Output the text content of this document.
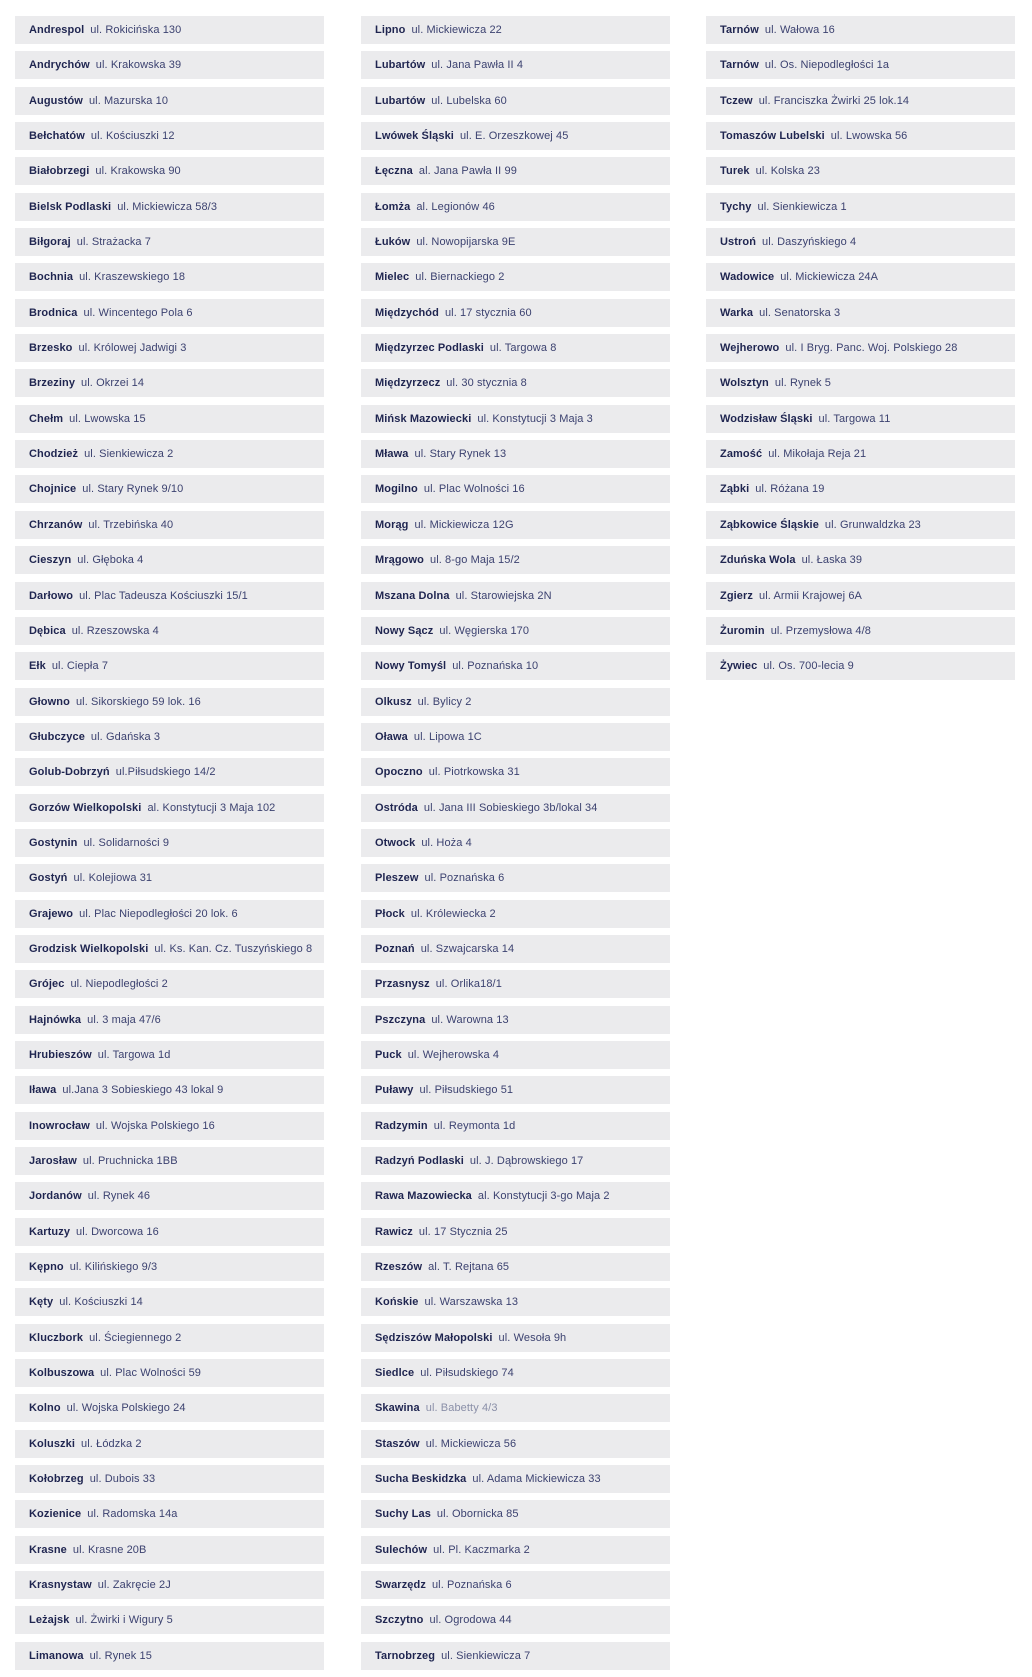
Andrespol ul. Rokicińska 130
Andrychów ul. Krakowska 39
Augustów ul. Mazurska 10
Bełchatów ul. Kościuszki 12
Białobrzegi ul. Krakowska 90
Bielsk Podlaski ul. Mickiewicza 58/3
Biłgoraj ul. Strażacka 7
Bochnia ul. Kraszewskiego 18
Brodnica ul. Wincentego Pola 6
Brzesko ul. Królowej Jadwigi 3
Brzeziny ul. Okrzei 14
Chełm ul. Lwowska 15
Chodzież ul. Sienkiewicza 2
Chojnice ul. Stary Rynek 9/10
Chrzanów ul. Trzebińska 40
Cieszyn ul. Głęboka 4
Darłowo ul. Plac Tadeusza Kościuszki 15/1
Dębica ul. Rzeszowska 4
Ełk ul. Ciepła 7
Głowno ul. Sikorskiego 59 lok. 16
Głubczyce ul. Gdańska 3
Golub-Dobrzyń ul.Piłsudskiego 14/2
Gorzów Wielkopolski al. Konstytucji 3 Maja 102
Gostynin ul. Solidarności 9
Gostyń ul. Kolejiowa 31
Grajewo ul. Plac Niepodległości 20 lok. 6
Grodzisk Wielkopolski ul. Ks. Kan. Cz. Tuszyńskiego 8
Grójec ul. Niepodległości 2
Hajnówka ul. 3 maja 47/6
Hrubieszów ul. Targowa 1d
Iława ul.Jana 3 Sobieskiego 43 lokal 9
Inowrocław ul. Wojska Polskiego 16
Jarosław ul. Pruchnicka 1BB
Jordanów ul. Rynek 46
Kartuzy ul. Dworcowa 16
Kępno ul. Kilińskiego 9/3
Kęty ul. Kościuszki 14
Kluczbork ul. Ściegiennego 2
Kolbuszowa ul. Plac Wolności 59
Kolno ul. Wojska Polskiego 24
Koluszki ul. Łódzka 2
Kołobrzeg ul. Dubois 33
Kozienice ul. Radomska 14a
Krasne ul. Krasne 20B
Krasnystaw ul. Zakręcie 2J
Leżajsk ul. Żwirki i Wigury 5
Limanowa ul. Rynek 15
Lipno ul. Mickiewicza 22
Lubartów ul. Jana Pawła II 4
Lubartów ul. Lubelska 60
Lwówek Śląski ul. E. Orzeszkowej 45
Łęczna al. Jana Pawła II 99
Łomża al. Legionów 46
Łuków ul. Nowopijarska 9E
Mielec ul. Biernackiego 2
Międzychód ul. 17 stycznia 60
Międzyrzec Podlaski ul. Targowa 8
Międzyrzecz ul. 30 stycznia 8
Mińsk Mazowiecki ul. Konstytucji 3 Maja 3
Mława ul. Stary Rynek 13
Mogilno ul. Plac Wolności 16
Morąg ul. Mickiewicza 12G
Mrągowo ul. 8-go Maja 15/2
Mszana Dolna ul. Starowiejska 2N
Nowy Sącz ul. Węgierska 170
Nowy Tomyśl ul. Poznańska 10
Olkusz ul. Bylicy 2
Oława ul. Lipowa 1C
Opoczno ul. Piotrkowska 31
Ostróda ul. Jana III Sobieskiego 3b/lokal 34
Otwock ul. Hoża 4
Pleszew ul. Poznańska 6
Płock ul. Królewiecka 2
Poznań ul. Szwajcarska 14
Przasnysz ul. Orlika18/1
Pszczyna ul. Warowna 13
Puck ul. Wejherowska 4
Puławy ul. Piłsudskiego 51
Radzymin ul. Reymonta 1d
Radzyń Podlaski ul. J. Dąbrowskiego 17
Rawa Mazowiecka al. Konstytucji 3-go Maja 2
Rawicz ul. 17 Stycznia 25
Rzeszów al. T. Rejtana 65
Końskie ul. Warszawska 13
Sędziszów Małopolski ul. Wesoła 9h
Siedlce ul. Piłsudskiego 74
Skawina ul. Babetty 4/3
Staszów ul. Mickiewicza 56
Sucha Beskidzka ul. Adama Mickiewicza 33
Suchy Las ul. Obornicka 85
Sulechów ul. Pl. Kaczmarka 2
Swarzędz ul. Poznańska 6
Szczytno ul. Ogrodowa 44
Tarnobrzeg ul. Sienkiewicza 7
Tarnów ul. Wałowa 16
Tarnów ul. Os. Niepodległości 1a
Tczew ul. Franciszka Żwirki 25 lok.14
Tomaszów Lubelski ul. Lwowska 56
Turek ul. Kolska 23
Tychy ul. Sienkiewicza 1
Ustroń ul. Daszyńskiego 4
Wadowice ul. Mickiewicza 24A
Warka ul. Senatorska 3
Wejherowo ul. I Bryg. Panc. Woj. Polskiego 28
Wolsztyn ul. Rynek 5
Wodzisław Śląski ul. Targowa 11
Zamość ul. Mikołaja Reja 21
Ząbki ul. Różana 19
Ząbkowice Śląskie ul. Grunwaldzka 23
Zduńska Wola ul. Łaska 39
Zgierz ul. Armii Krajowej 6A
Żuromin ul. Przemysłowa 4/8
Żywiec ul. Os. 700-lecia 9
